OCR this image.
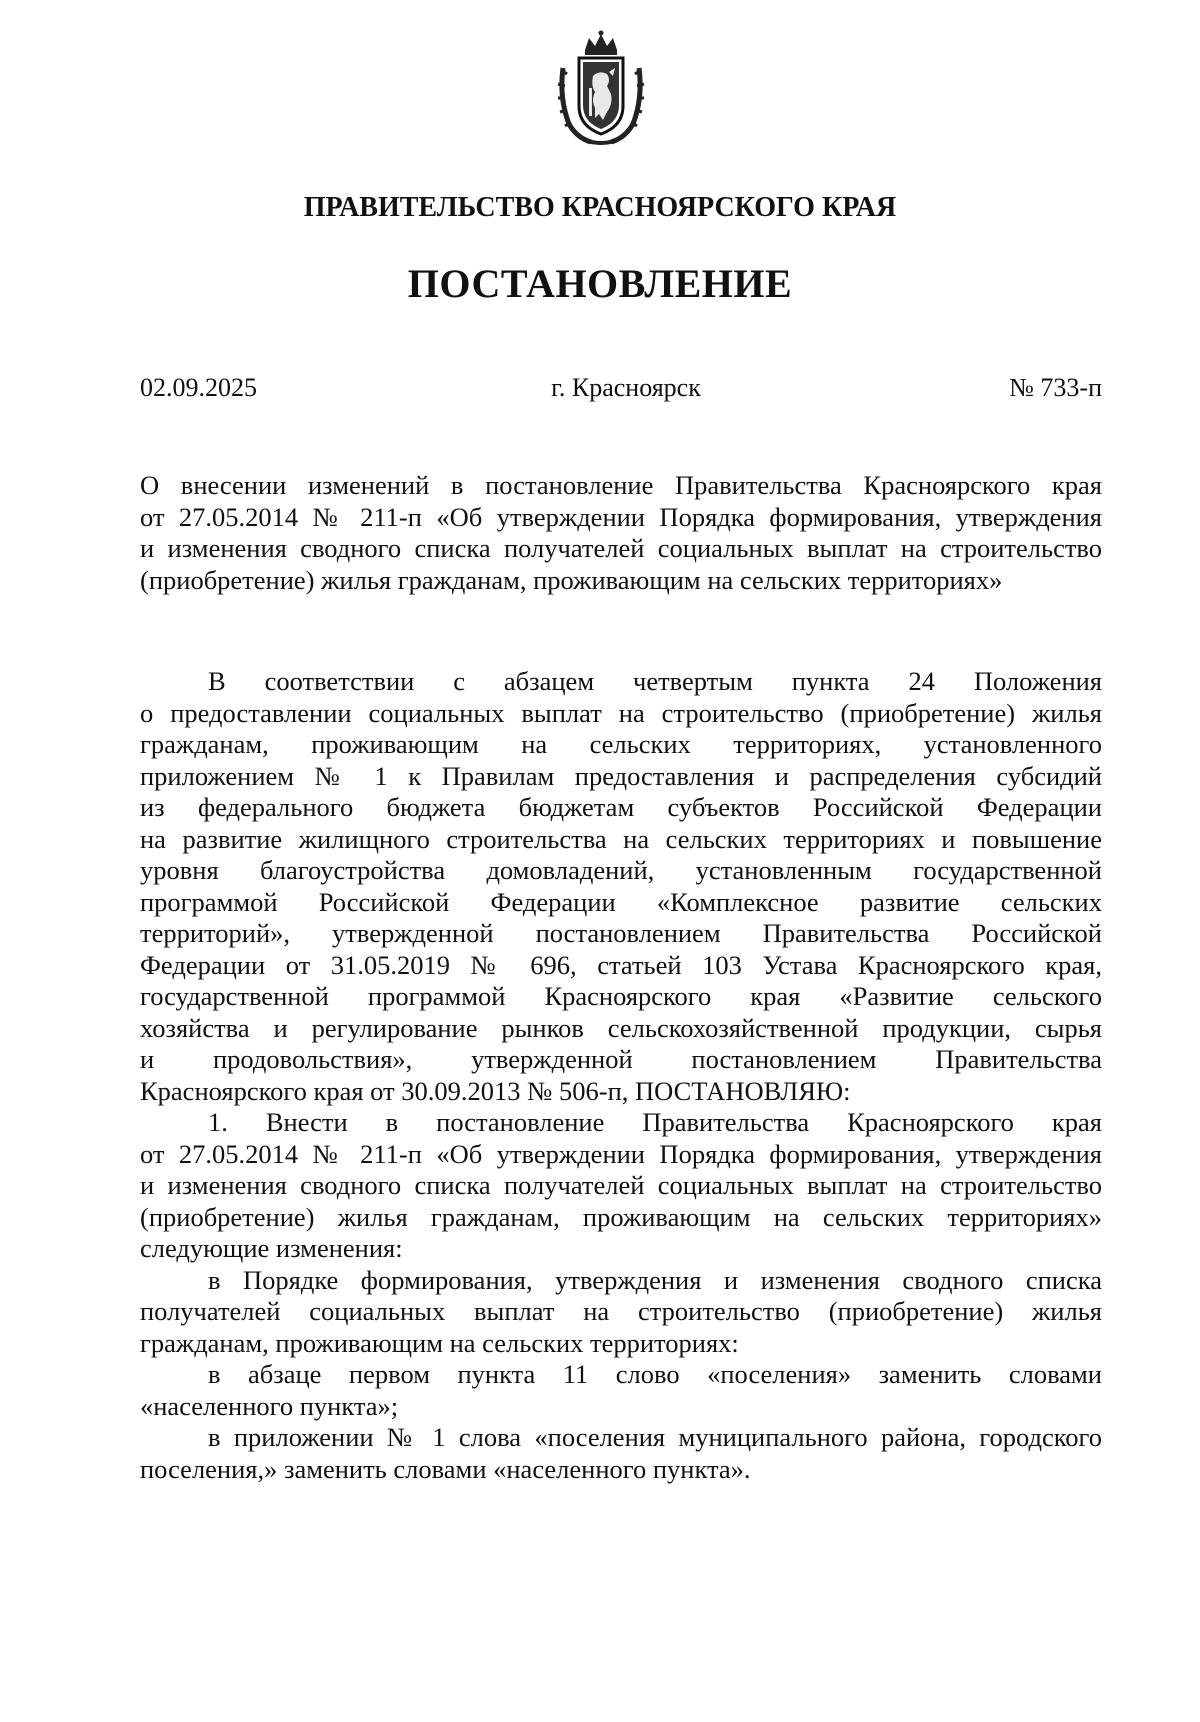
ПРАВИТЕЛЬСТВО КРАСНОЯРСКОГО КРАЯ
ПОСТАНОВЛЕНИЕ
02.09.2025	г. Красноярск	№ 733-п
О внесении изменений в постановление Правительства Красноярского края
от 27.05.2014 № 211-п «Об утверждении Порядка формирования, утверждения
и изменения сводного списка получателей социальных выплат на строительство
(приобретение) жилья гражданам, проживающим на сельских территориях»
В соответствии с абзацем четвертым пункта 24 Положения
о предоставлении социальных выплат на строительство (приобретение) жилья
гражданам, проживающим на сельских территориях, установленного
приложением № 1 к Правилам предоставления и распределения субсидий
из федерального бюджета бюджетам субъектов Российской Федерации
на развитие жилищного строительства на сельских территориях и повышение
уровня благоустройства домовладений, установленным государственной
программой Российской Федерации «Комплексное развитие сельских
территорий», утвержденной постановлением Правительства Российской
Федерации от 31.05.2019 № 696, статьей 103 Устава Красноярского края,
государственной программой Красноярского края «Развитие сельского
хозяйства и регулирование рынков сельскохозяйственной продукции, сырья
и продовольствия», утвержденной постановлением Правительства
Красноярского края от 30.09.2013 № 506-п, ПОСТАНОВЛЯЮ:
1. Внести в постановление Правительства Красноярского края
от 27.05.2014 № 211-п «Об утверждении Порядка формирования, утверждения
и изменения сводного списка получателей социальных выплат на строительство
(приобретение) жилья гражданам, проживающим на сельских территориях»
следующие изменения:
в Порядке формирования, утверждения и изменения сводного списка
получателей социальных выплат на строительство (приобретение) жилья
гражданам, проживающим на сельских территориях:
в абзаце первом пункта 11 слово «поселения» заменить словами
«населенного пункта»;
в приложении № 1 слова «поселения муниципального района, городского
поселения,» заменить словами «населенного пункта».
